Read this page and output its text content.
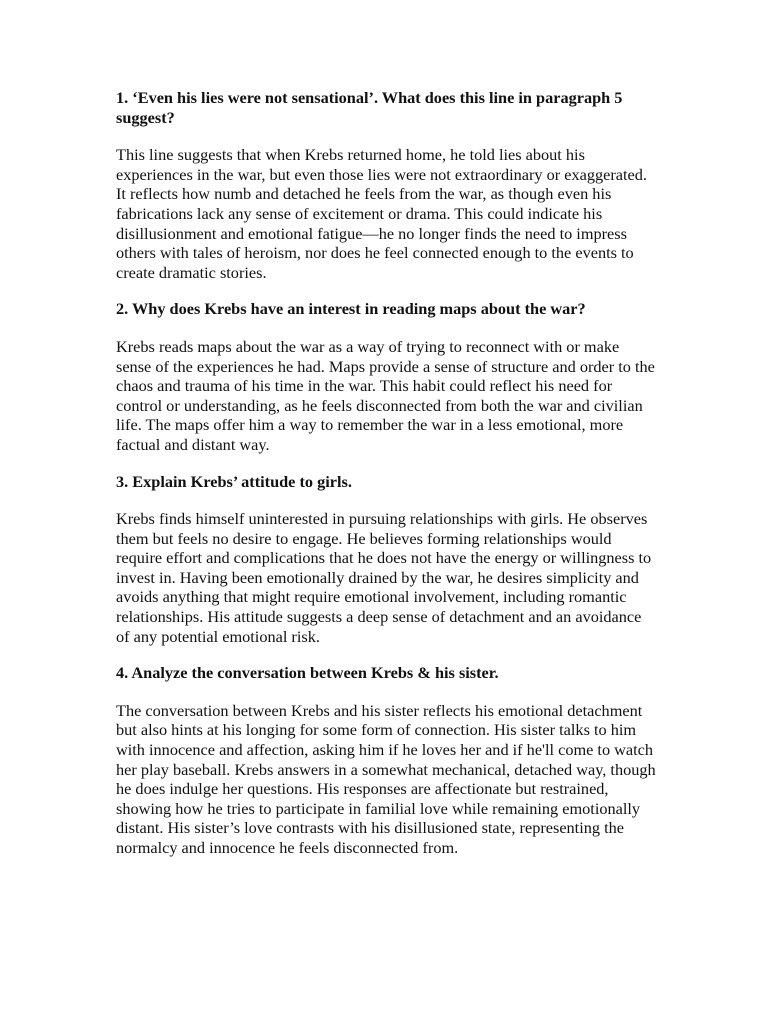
1. ‘Even his lies were not sensational’. What does this line in paragraph 5 suggest?

This line suggests that when Krebs returned home, he told lies about his experiences in the war, but even those lies were not extraordinary or exaggerated. It reflects how numb and detached he feels from the war, as though even his fabrications lack any sense of excitement or drama. This could indicate his disillusionment and emotional fatigue—he no longer finds the need to impress others with tales of heroism, nor does he feel connected enough to the events to create dramatic stories.

2. Why does Krebs have an interest in reading maps about the war?

Krebs reads maps about the war as a way of trying to reconnect with or make sense of the experiences he had. Maps provide a sense of structure and order to the chaos and trauma of his time in the war. This habit could reflect his need for control or understanding, as he feels disconnected from both the war and civilian life. The maps offer him a way to remember the war in a less emotional, more factual and distant way.

3. Explain Krebs’ attitude to girls.

Krebs finds himself uninterested in pursuing relationships with girls. He observes them but feels no desire to engage. He believes forming relationships would require effort and complications that he does not have the energy or willingness to invest in. Having been emotionally drained by the war, he desires simplicity and avoids anything that might require emotional involvement, including romantic relationships. His attitude suggests a deep sense of detachment and an avoidance of any potential emotional risk.

4. Analyze the conversation between Krebs & his sister.

The conversation between Krebs and his sister reflects his emotional detachment but also hints at his longing for some form of connection. His sister talks to him with innocence and affection, asking him if he loves her and if he'll come to watch her play baseball. Krebs answers in a somewhat mechanical, detached way, though he does indulge her questions. His responses are affectionate but restrained, showing how he tries to participate in familial love while remaining emotionally distant. His sister’s love contrasts with his disillusioned state, representing the normalcy and innocence he feels disconnected from.
